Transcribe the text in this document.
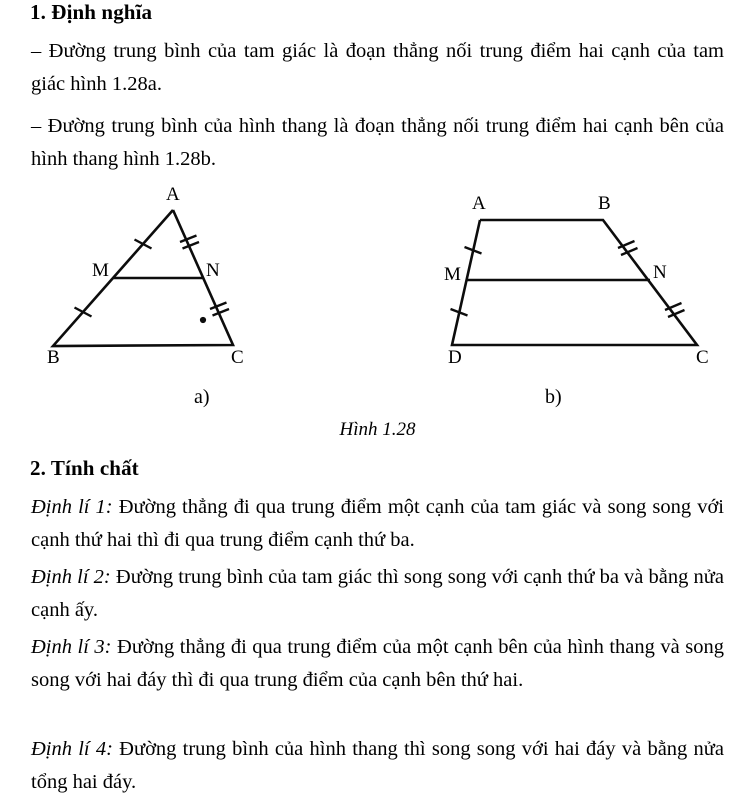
1. Định nghĩa
– Đường trung bình của tam giác là đoạn thẳng nối trung điểm hai cạnh của tam giác hình 1.28a.
– Đường trung bình của hình thang là đoạn thẳng nối trung điểm hai cạnh bên của hình thang hình 1.28b.
A
B	C
M	N
A	B
C
D
M	N
a)	b)
Hình 1.28
2. Tính chất
Định lí 1: Đường thẳng đi qua trung điểm một cạnh của tam giác và song song với cạnh thứ hai thì đi qua trung điểm cạnh thứ ba.
Định lí 2: Đường trung bình của tam giác thì song song với cạnh thứ ba và bằng nửa cạnh ấy.
Định lí 3: Đường thẳng đi qua trung điểm của một cạnh bên của hình thang và song song với hai đáy thì đi qua trung điểm của cạnh bên thứ hai.
Định lí 4: Đường trung bình của hình thang thì song song với hai đáy và bằng nửa tổng hai đáy.
